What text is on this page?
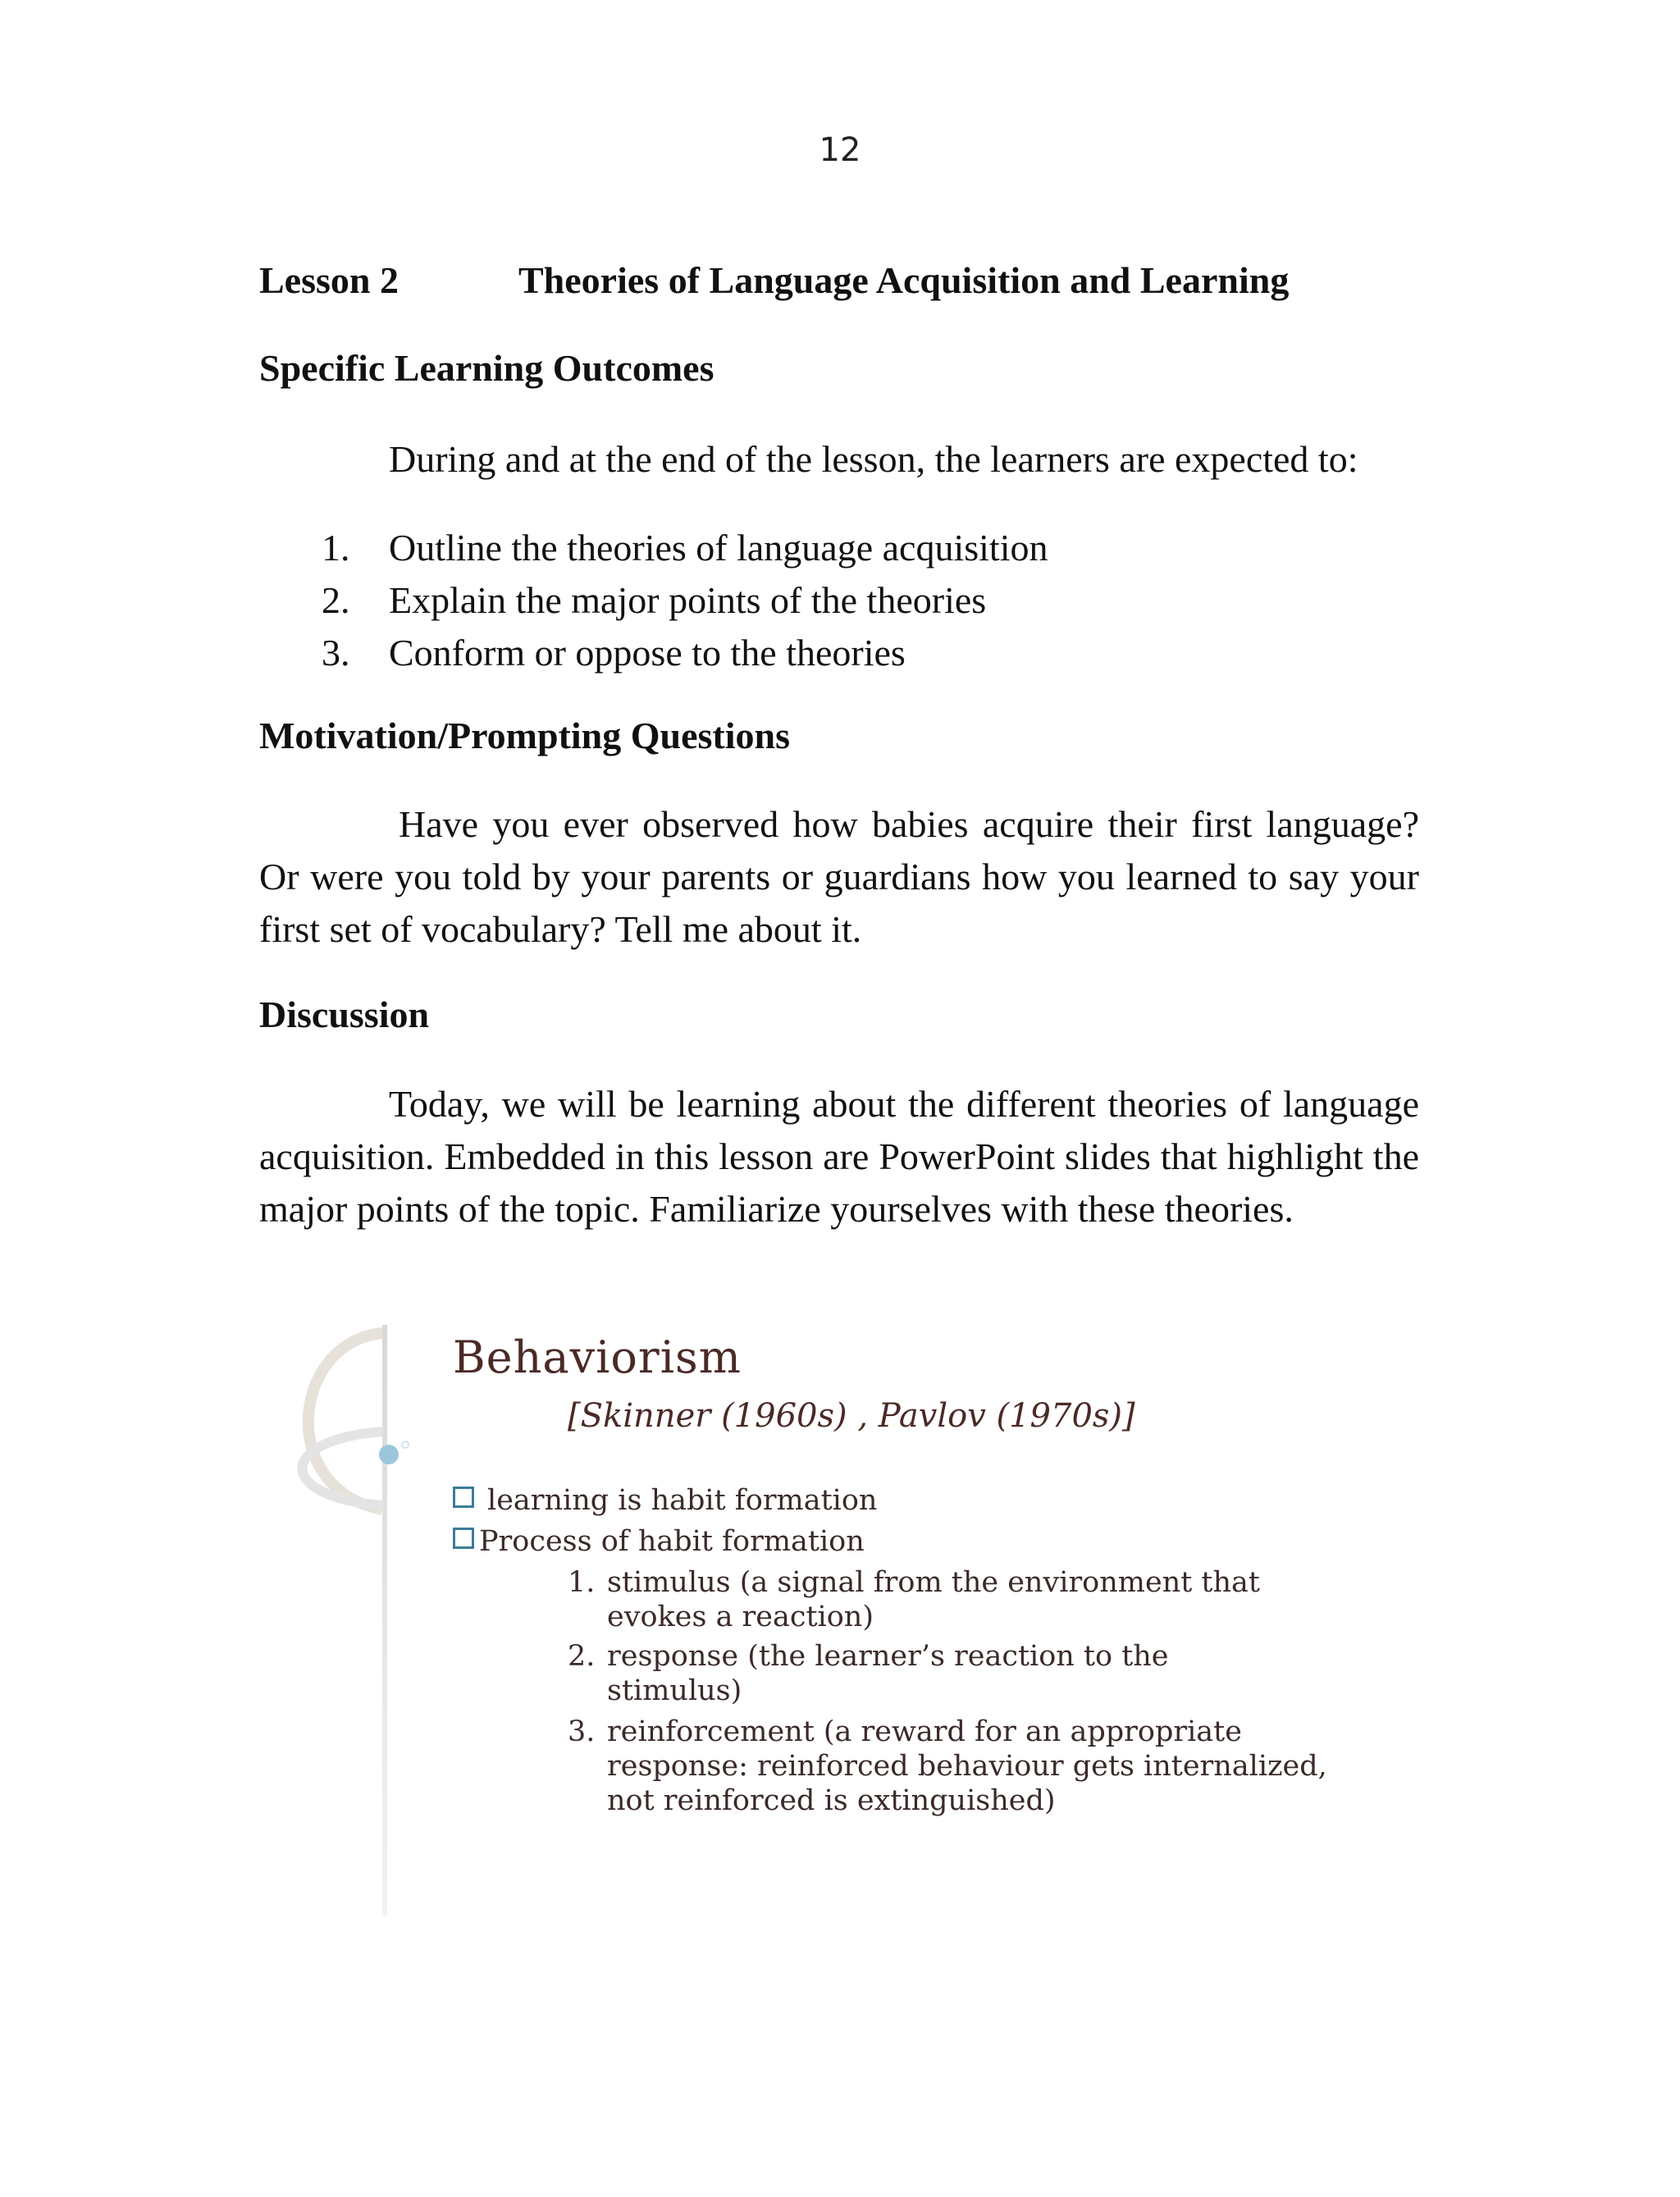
12
Lesson 2	Theories of Language Acquisition and Learning
Specific Learning Outcomes
During and at the end of the lesson, the learners are expected to:
1. Outline the theories of language acquisition
2. Explain the major points of the theories
3. Conform or oppose to the theories
Motivation/Prompting Questions
Have you ever observed how babies acquire their first language? Or were you told by your parents or guardians how you learned to say your first set of vocabulary? Tell me about it.
Discussion
Today, we will be learning about the different theories of language acquisition. Embedded in this lesson are PowerPoint slides that highlight the major points of the topic. Familiarize yourselves with these theories.
Behaviorism
[Skinner (1960s) , Pavlov (1970s)]
learning is habit formation
Process of habit formation
1. stimulus (a signal from the environment that evokes a reaction)
2. response (the learner’s reaction to the stimulus)
3. reinforcement (a reward for an appropriate response: reinforced behaviour gets internalized, not reinforced is extinguished)
